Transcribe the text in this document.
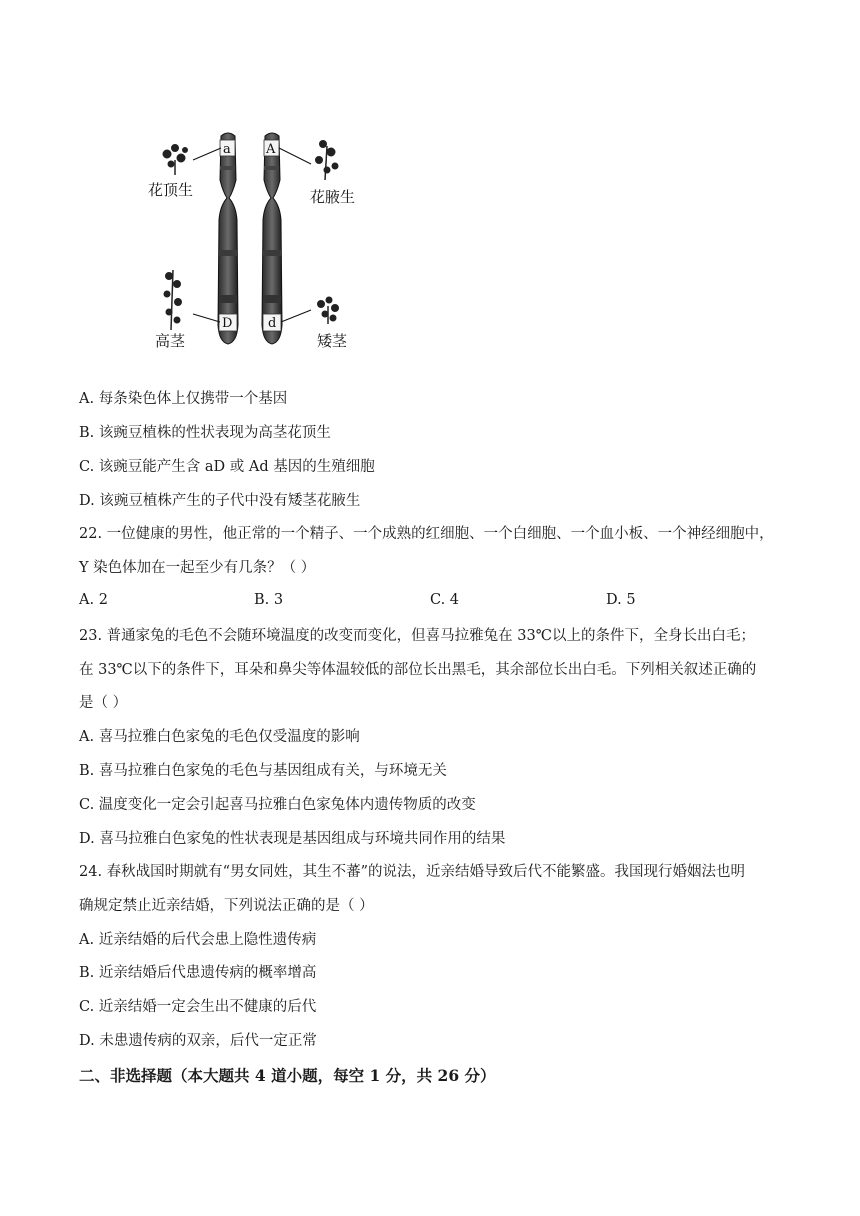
a
D
A
d
花顶生	花腋生
高茎	矮茎
A. 每条染色体上仅携带一个基因
B. 该豌豆植株的性状表现为高茎花顶生
C. 该豌豆能产生含 aD 或 Ad 基因的生殖细胞
D. 该豌豆植株产生的子代中没有矮茎花腋生
22. 一位健康的男性，他正常的一个精子、一个成熟的红细胞、一个白细胞、一个血小板、一个神经细胞中，
Y 染色体加在一起至少有几条？（ ）
A. 2	B. 3	C. 4	D. 5
23. 普通家兔的毛色不会随环境温度的改变而变化，但喜马拉雅兔在 33℃以上的条件下，全身长出白毛；
在 33℃以下的条件下，耳朵和鼻尖等体温较低的部位长出黑毛，其余部位长出白毛。下列相关叙述正确的
是（ ）
A. 喜马拉雅白色家兔的毛色仅受温度的影响
B. 喜马拉雅白色家兔的毛色与基因组成有关，与环境无关
C. 温度变化一定会引起喜马拉雅白色家兔体内遗传物质的改变
D. 喜马拉雅白色家兔的性状表现是基因组成与环境共同作用的结果
24. 春秋战国时期就有“男女同姓，其生不蕃”的说法，近亲结婚导致后代不能繁盛。我国现行婚姻法也明
确规定禁止近亲结婚，下列说法正确的是（ ）
A. 近亲结婚的后代会患上隐性遗传病
B. 近亲结婚后代患遗传病的概率增高
C. 近亲结婚一定会生出不健康的后代
D. 未患遗传病的双亲，后代一定正常
二、非选择题（本大题共 4 道小题，每空 1 分，共 26 分）
